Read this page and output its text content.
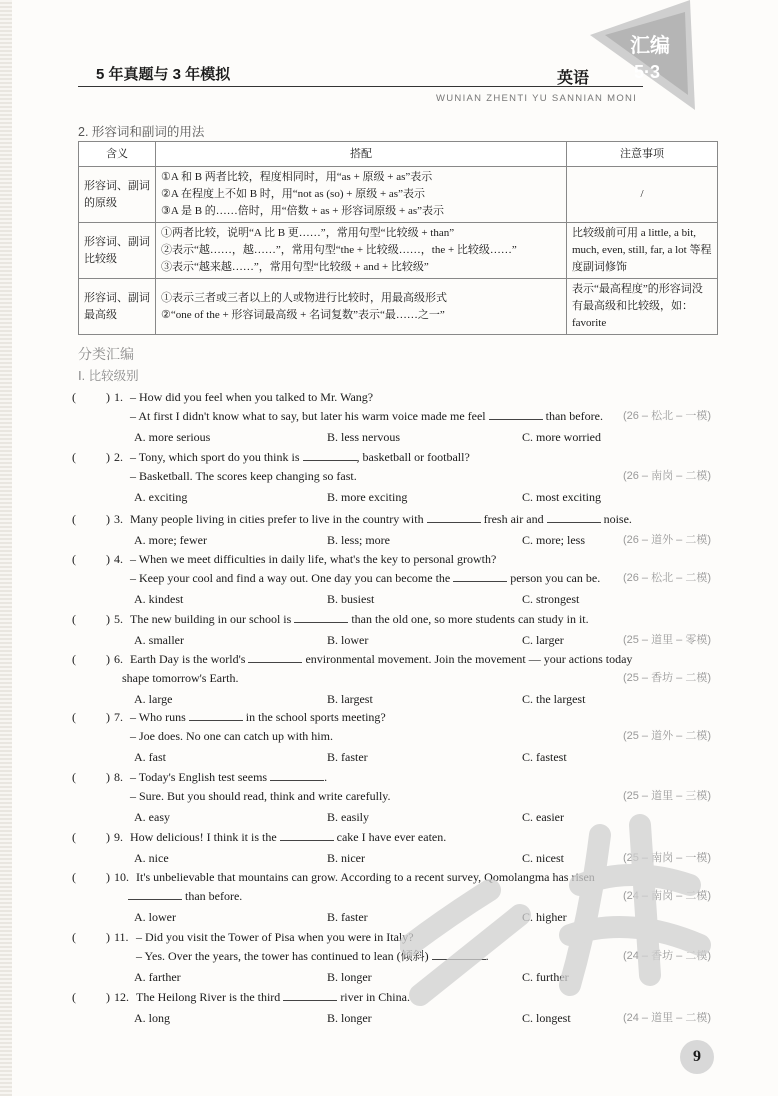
5 年真题与 3 年模拟	英语
WUNIAN ZHENTI YU SANNIAN MONI
汇编
5·3
2. 形容词和副词的用法
含义	搭配	注意事项
形容词、副词的原级	①A 和 B 两者比较，程度相同时，用“as + 原级 + as”表示
②A 在程度上不如 B 时，用“not as (so) + 原级 + as”表示
③A 是 B 的……倍时，用“倍数 + as + 形容词原级 + as”表示	/
形容词、副词比较级	①两者比较，说明“A 比 B 更……”，常用句型“比较级 + than”
②表示“越……，越……”，常用句型“the + 比较级……，the + 比较级……”
③表示“越来越……”，常用句型“比较级 + and + 比较级”	比较级前可用 a little, a bit, much, even, still, far, a lot 等程度副词修饰
形容词、副词最高级	①表示三者或三者以上的人或物进行比较时，用最高级形式
②“one of the + 形容词最高级 + 名词复数”表示“最……之一”	表示“最高程度”的形容词没有最高级和比较级，如：favorite
分类汇编
Ⅰ. 比较级别
(	) 1. – How did you feel when you talked to Mr. Wang?
– At first I didn't know what to say, but later his warm voice made me feel	than before.	(26 – 松北 – 一模)
A. more serious	B. less nervous	C. more worried
(	) 2. – Tony, which sport do you think is	, basketball or football?
– Basketball. The scores keep changing so fast.	(26 – 南岗 – 二模)
A. exciting	B. more exciting	C. most exciting
(	) 3. Many people living in cities prefer to live in the country with	fresh air and	noise.
(26 – 道外 – 二模)
A. more; fewer	B. less; more	C. more; less
(	) 4. – When we meet difficulties in daily life, what's the key to personal growth?
– Keep your cool and find a way out. One day you can become the	person you can be.	(26 – 松北 – 二模)
A. kindest	B. busiest	C. strongest
(	) 5. The new building in our school is	than the old one, so more students can study in it.
(25 – 道里 – 零模)
A. smaller	B. lower	C. larger
(	) 6. Earth Day is the world's	environmental movement. Join the movement — your actions today
shape tomorrow's Earth.	(25 – 香坊 – 二模)
A. large	B. largest	C. the largest
(	) 7. – Who runs	in the school sports meeting?
– Joe does. No one can catch up with him.	(25 – 道外 – 二模)
A. fast	B. faster	C. fastest
(	) 8. – Today's English test seems	.
– Sure. But you should read, think and write carefully.	(25 – 道里 – 三模)
A. easy	B. easily	C. easier
(	) 9. How delicious! I think it is the	cake I have ever eaten.
(25 – 南岗 – 一模)
A. nice	B. nicer	C. nicest
(	) 10. It's unbelievable that mountains can grow. According to a recent survey, Qomolangma has risen
than before.	(24 – 南岗 – 二模)
A. lower	B. faster	C. higher
(	) 11. – Did you visit the Tower of Pisa when you were in Italy?
– Yes. Over the years, the tower has continued to lean (倾斜)	.	(24 – 香坊 – 二模)
A. farther	B. longer	C. further
(	) 12. The Heilong River is the third	river in China.
(24 – 道里 – 二模)
A. long	B. longer	C. longest
9
